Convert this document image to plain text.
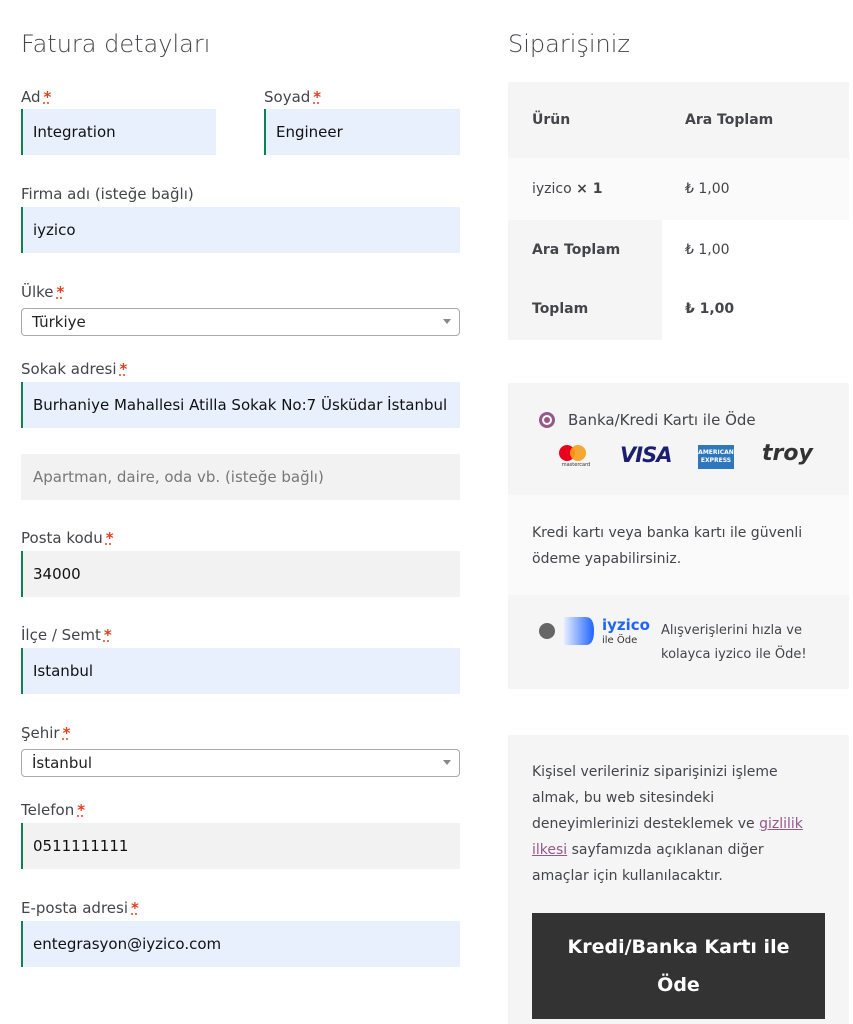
Fatura detayları
Ad *
Integration
Soyad *
Engineer
Firma adı (isteğe bağlı)
iyzico
Ülke *
Türkiye
Sokak adresi *
Burhaniye Mahallesi Atilla Sokak No:7 Üsküdar İstanbul
Apartman, daire, oda vb. (isteğe bağlı)
Posta kodu *
34000
İlçe / Semt *
Istanbul
Şehir *
İstanbul
Telefon *
0511111111
E-posta adresi *
entegrasyon@iyzico.com
Siparişiniz
Ürün	Ara Toplam
iyzico × 1	₺ 1,00
Ara Toplam	₺ 1,00
Toplam	₺ 1,00
Banka/Kredi Kartı ile Öde
mastercard VISA	AMERICAN EXPRESS troy
Kredi kartı veya banka kartı ile güvenli ödeme yapabilirsiniz.
iyzico
ile Öde
Alışverişlerini hızla ve kolayca iyzico ile Öde!

Kişisel verileriniz siparişinizi işleme almak, bu web sitesindeki deneyimlerinizi desteklemek ve gizlilik ilkesi sayfamızda açıklanan diğer amaçlar için kullanılacaktır.

Kredi/Banka Kartı ile Öde
